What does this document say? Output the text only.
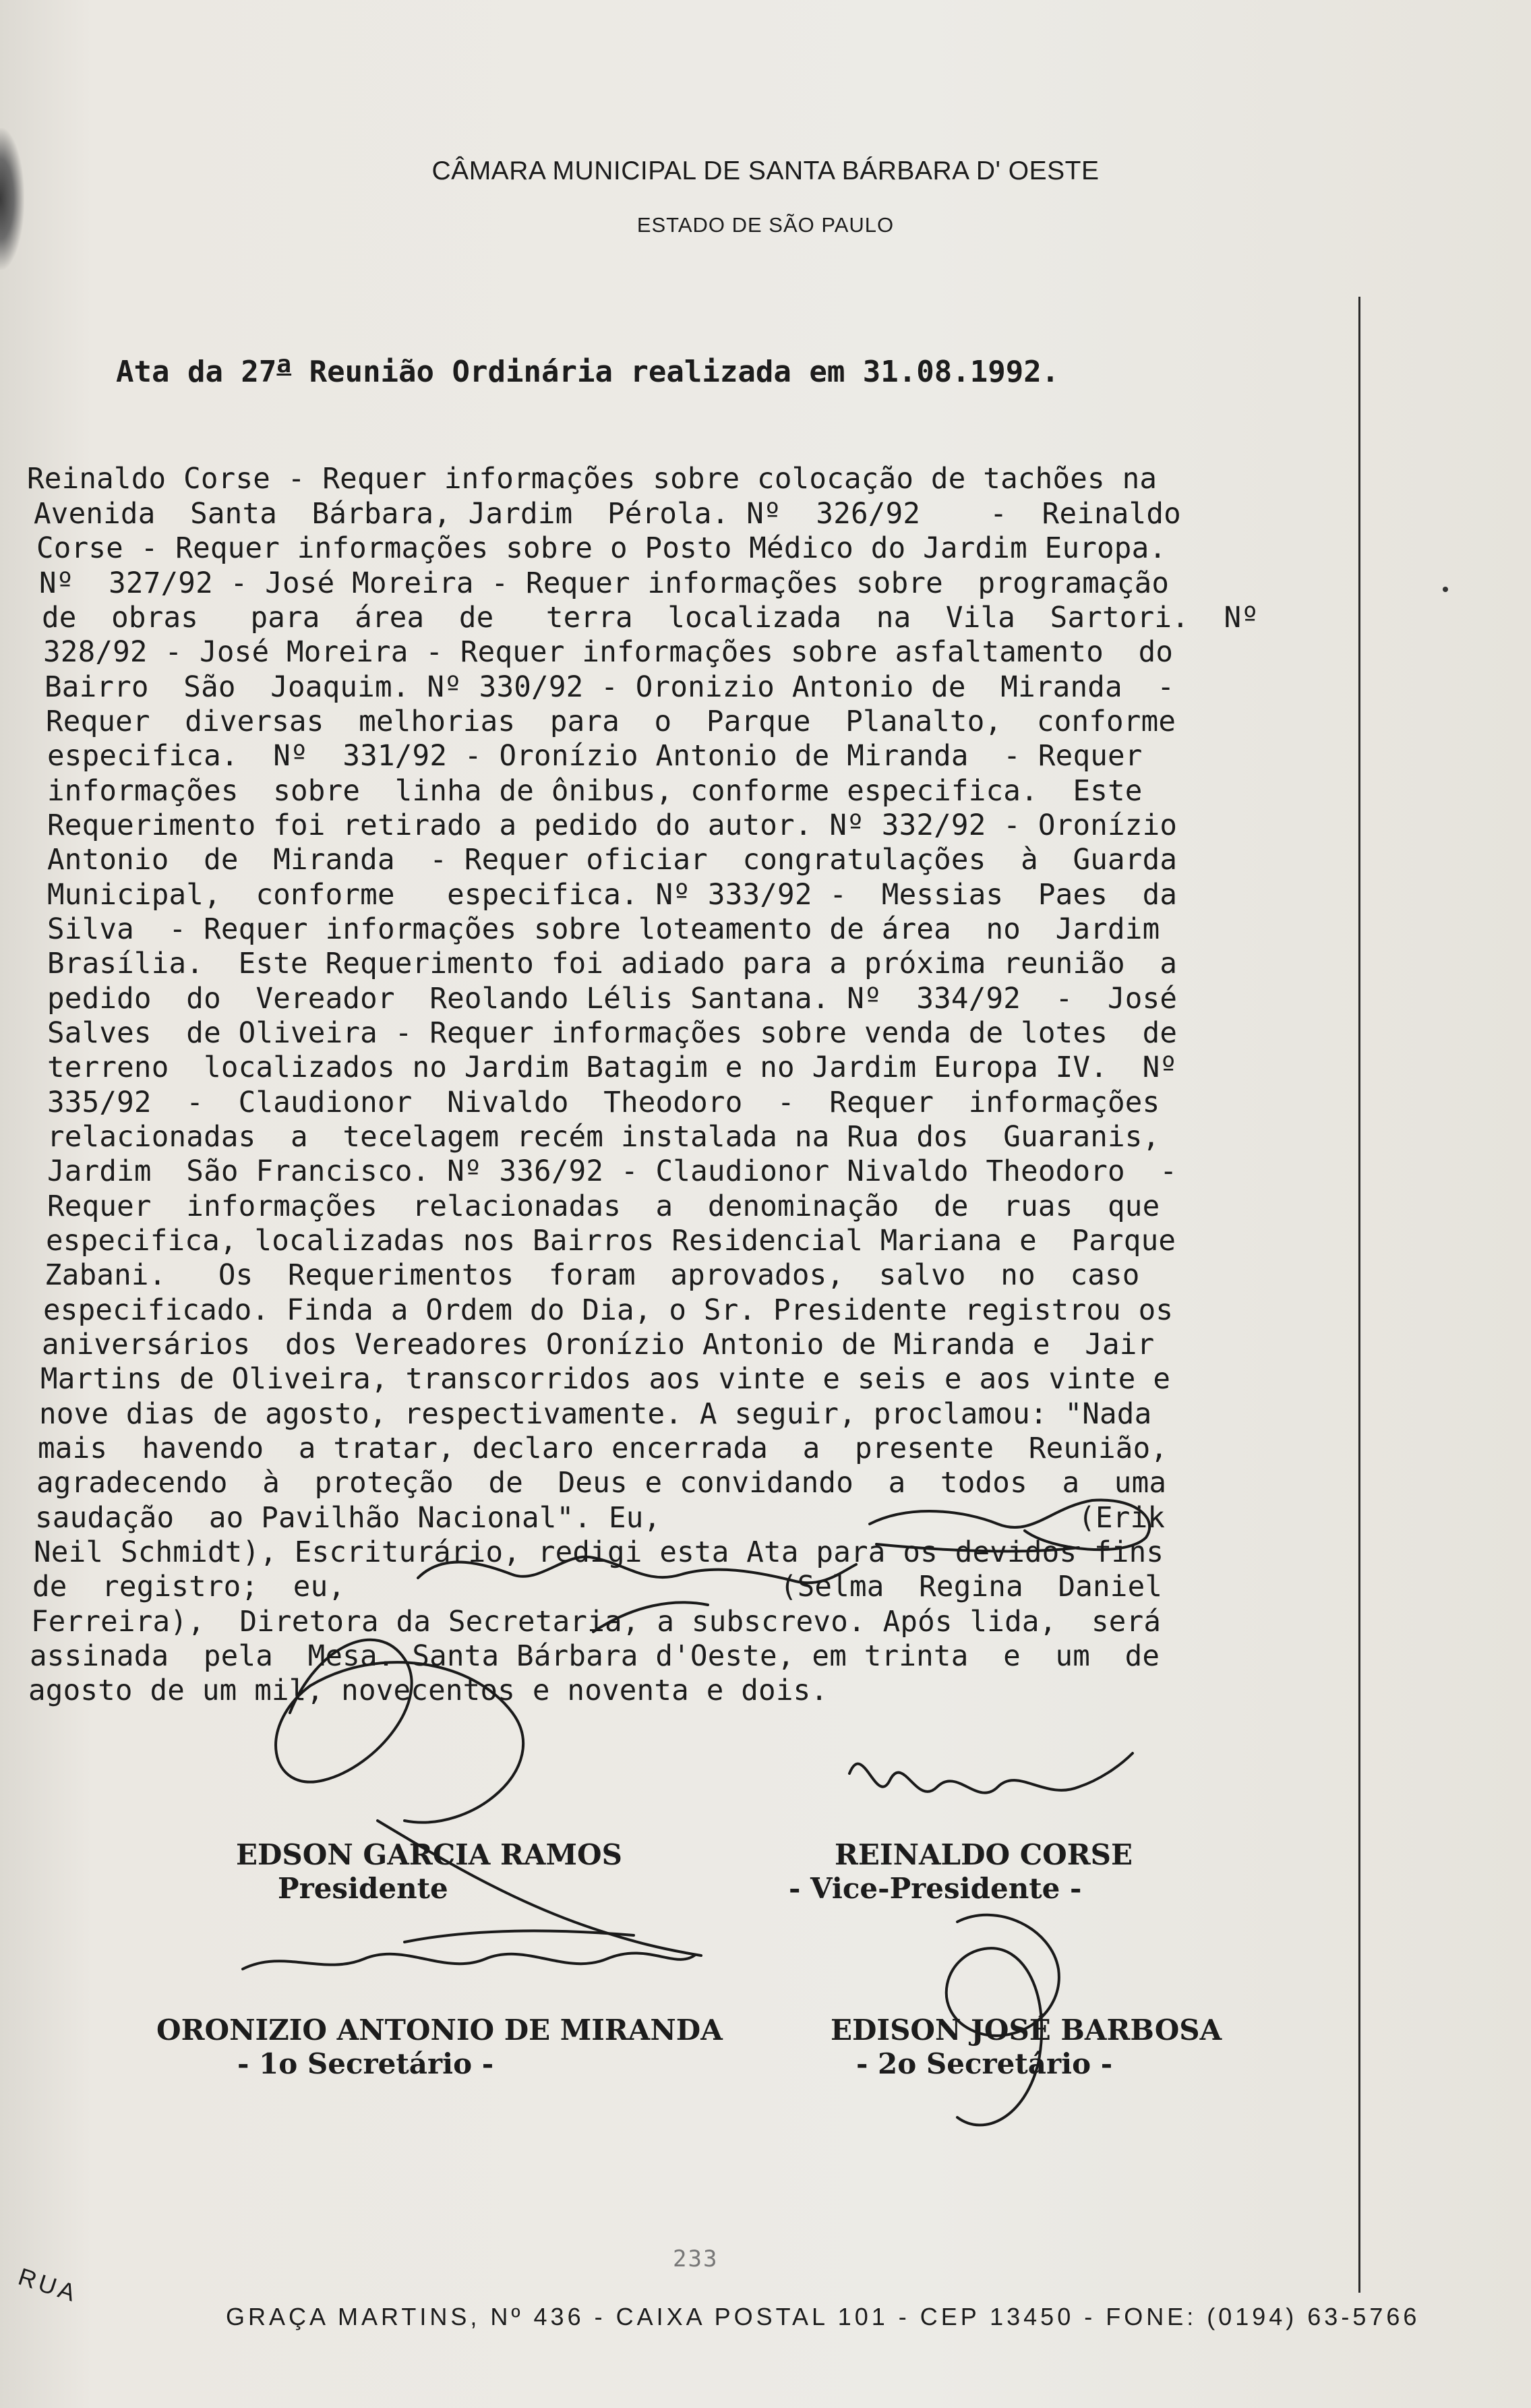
CÂMARA MUNICIPAL DE SANTA BÁRBARA D' OESTE
ESTADO DE SÃO PAULO
Ata da 27$^a$ Reunião Ordinária realizada em 31.08.1992.
Reinaldo Corse - Requer informações sobre colocação de tachões na
Avenida  Santa  Bárbara, Jardim  Pérola. Nº  326/92    -  Reinaldo
Corse - Requer informações sobre o Posto Médico do Jardim Europa.
Nº  327/92 - José Moreira - Requer informações sobre  programação
de  obras   para  área  de   terra  localizada  na  Vila  Sartori.  Nº
328/92 - José Moreira - Requer informações sobre asfaltamento  do
Bairro  São  Joaquim. Nº 330/92 - Oronizio Antonio de  Miranda  -
Requer  diversas  melhorias  para  o  Parque  Planalto,  conforme
especifica.  Nº  331/92 - Oronízio Antonio de Miranda  - Requer
informações  sobre  linha de ônibus, conforme especifica.  Este
Requerimento foi retirado a pedido do autor. Nº 332/92 - Oronízio
Antonio  de  Miranda  - Requer oficiar  congratulações  à  Guarda
Municipal,  conforme   especifica. Nº 333/92 -  Messias  Paes  da
Silva  - Requer informações sobre loteamento de área  no  Jardim
Brasília.  Este Requerimento foi adiado para a próxima reunião  a
pedido  do  Vereador  Reolando Lélis Santana. Nº  334/92  -  José
Salves  de Oliveira - Requer informações sobre venda de lotes  de
terreno  localizados no Jardim Batagim e no Jardim Europa IV.  Nº
335/92  -  Claudionor  Nivaldo  Theodoro  -  Requer  informações
relacionadas  a  tecelagem recém instalada na Rua dos  Guaranis,
Jardim  São Francisco. Nº 336/92 - Claudionor Nivaldo Theodoro  -
Requer  informações  relacionadas  a  denominação  de  ruas  que
especifica, localizadas nos Bairros Residencial Mariana e  Parque
Zabani.   Os  Requerimentos  foram  aprovados,  salvo  no  caso
especificado. Finda a Ordem do Dia, o Sr. Presidente registrou os
aniversários  dos Vereadores Oronízio Antonio de Miranda e  Jair
Martins de Oliveira, transcorridos aos vinte e seis e aos vinte e
nove dias de agosto, respectivamente. A seguir, proclamou: "Nada
mais  havendo  a tratar, declaro encerrada  a  presente  Reunião,
agradecendo  à  proteção  de  Deus e convidando  a  todos  a  uma
saudação  ao Pavilhão Nacional". Eu,                        (Erik
Neil Schmidt), Escriturário, redigi esta Ata para os devidos fins
de  registro;  eu,                         (Selma  Regina  Daniel
Ferreira),  Diretora da Secretaria, a subscrevo. Após lida,  será
assinada  pela  Mesa. Santa Bárbara d'Oeste, em trinta  e  um  de
agosto de um mil, novecentos e noventa e dois.
EDSON GARCIA RAMOS
Presidente
REINALDO CORSE
- Vice-Presidente -
ORONIZIO ANTONIO DE MIRANDA
- 1o Secretário -
EDISON JOSÉ BARBOSA
- 2o Secretário -
233
RUA
GRAÇA MARTINS, Nº 436 - CAIXA POSTAL 101 - CEP 13450 - FONE: (0194) 63-5766
